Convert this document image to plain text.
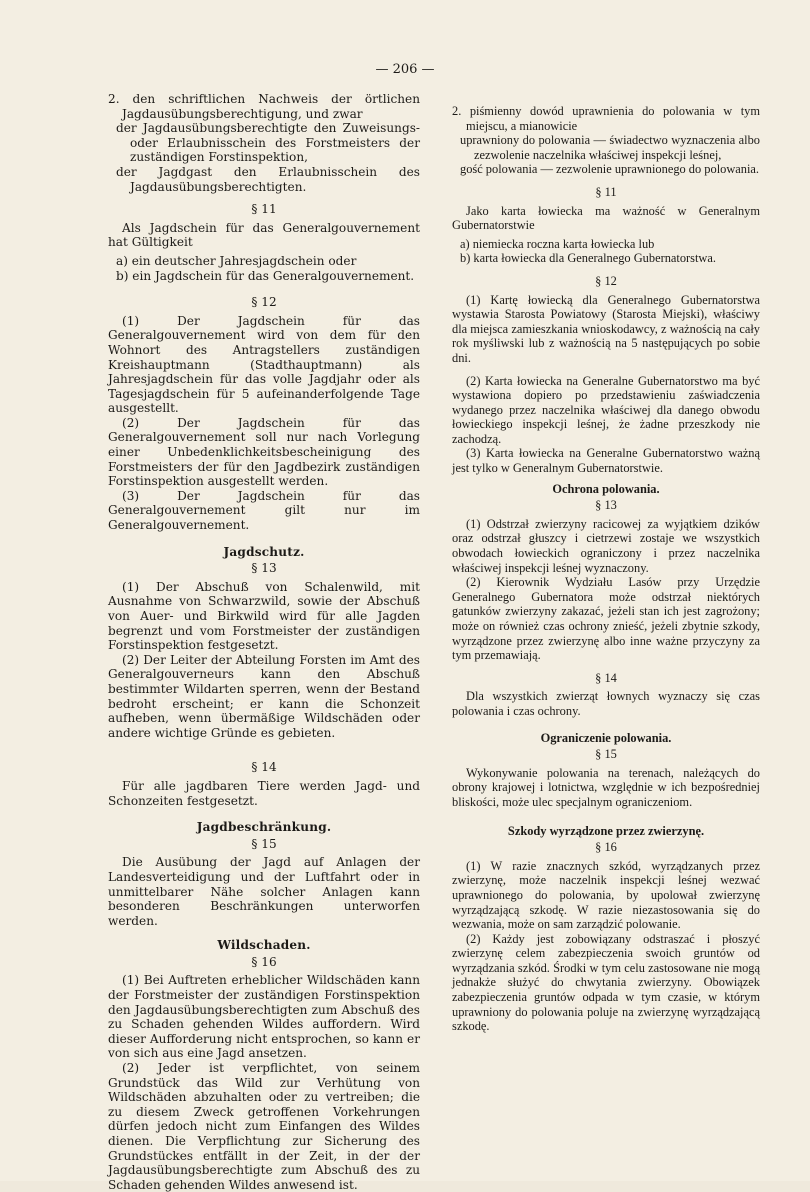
— 206 —

2. den schriftlichen Nachweis der örtlichen Jagdausübungsberechtigung, und zwar

der Jagdausübungsberechtigte den Zuweisungs- oder Erlaubnisschein des Forstmeisters der zuständigen Forstinspektion,

der Jagdgast den Erlaubnisschein des Jagdausübungsberechtigten.

§ 11

Als Jagdschein für das Generalgouvernement hat Gültigkeit

a) ein deutscher Jahresjagdschein oder

b) ein Jagdschein für das Generalgouvernement.

§ 12

(1) Der Jagdschein für das Generalgouvernement wird von dem für den Wohnort des Antragstellers zuständigen Kreishauptmann (Stadthauptmann) als Jahresjagdschein für das volle Jagdjahr oder als Tagesjagdschein für 5 aufeinanderfolgende Tage ausgestellt.

(2) Der Jagdschein für das Generalgouvernement soll nur nach Vorlegung einer Unbedenklichkeitsbescheinigung des Forstmeisters der für den Jagdbezirk zuständigen Forstinspektion ausgestellt werden.

(3) Der Jagdschein für das Generalgouvernement gilt nur im Generalgouvernement.

Jagdschutz.
§ 13

(1) Der Abschuß von Schalenwild, mit Ausnahme von Schwarzwild, sowie der Abschuß von Auer- und Birkwild wird für alle Jagden begrenzt und vom Forstmeister der zuständigen Forstinspektion festgesetzt.

(2) Der Leiter der Abteilung Forsten im Amt des Generalgouverneurs kann den Abschuß bestimmter Wildarten sperren, wenn der Bestand bedroht erscheint; er kann die Schonzeit aufheben, wenn übermäßige Wildschäden oder andere wichtige Gründe es gebieten.

§ 14

Für alle jagdbaren Tiere werden Jagd- und Schonzeiten festgesetzt.

Jagdbeschränkung.
§ 15

Die Ausübung der Jagd auf Anlagen der Landesverteidigung und der Luftfahrt oder in unmittelbarer Nähe solcher Anlagen kann besonderen Beschränkungen unterworfen werden.

Wildschaden.
§ 16

(1) Bei Auftreten erheblicher Wildschäden kann der Forstmeister der zuständigen Forstinspektion den Jagdausübungsberechtigten zum Abschuß des zu Schaden gehenden Wildes auffordern. Wird dieser Aufforderung nicht entsprochen, so kann er von sich aus eine Jagd ansetzen.

(2) Jeder ist verpflichtet, von seinem Grundstück das Wild zur Verhütung von Wildschäden abzuhalten oder zu vertreiben; die zu diesem Zweck getroffenen Vorkehrungen dürfen jedoch nicht zum Einfangen des Wildes dienen. Die Verpflichtung zur Sicherung des Grundstückes entfällt in der Zeit, in der der Jagdausübungsberechtigte zum Abschuß des zu Schaden gehenden Wildes anwesend ist.

2. piśmienny dowód uprawnienia do polowania w tym miejscu, a mianowicie

uprawniony do polowania — świadectwo wyznaczenia albo zezwolenie naczelnika właściwej inspekcji leśnej,

gość polowania — zezwolenie uprawnionego do polowania.

§ 11

Jako karta łowiecka ma ważność w Generalnym Gubernatorstwie

a) niemiecka roczna karta łowiecka lub

b) karta łowiecka dla Generalnego Gubernatorstwa.

§ 12

(1) Kartę łowiecką dla Generalnego Gubernatorstwa wystawia Starosta Powiatowy (Starosta Miejski), właściwy dla miejsca zamieszkania wnioskodawcy, z ważnością na cały rok myśliwski lub z ważnością na 5 następujących po sobie dni.

(2) Karta łowiecka na Generalne Gubernatorstwo ma być wystawiona dopiero po przedstawieniu zaświadczenia wydanego przez naczelnika właściwej dla danego obwodu łowieckiego inspekcji leśnej, że żadne przeszkody nie zachodzą.

(3) Karta łowiecka na Generalne Gubernatorstwo ważną jest tylko w Generalnym Gubernatorstwie.

Ochrona polowania.
§ 13

(1) Odstrzał zwierzyny racicowej za wyjątkiem dzików oraz odstrzał głuszcy i cietrzewi zostaje we wszystkich obwodach łowieckich ograniczony i przez naczelnika właściwej inspekcji leśnej wyznaczony.

(2) Kierownik Wydziału Lasów przy Urzędzie Generalnego Gubernatora może odstrzał niektórych gatunków zwierzyny zakazać, jeżeli stan ich jest zagrożony; może on również czas ochrony znieść, jeżeli zbytnie szkody, wyrządzone przez zwierzynę albo inne ważne przyczyny za tym przemawiają.

§ 14

Dla wszystkich zwierząt łownych wyznaczy się czas polowania i czas ochrony.

Ograniczenie polowania.
§ 15

Wykonywanie polowania na terenach, należących do obrony krajowej i lotnictwa, względnie w ich bezpośredniej bliskości, może ulec specjalnym ograniczeniom.

Szkody wyrządzone przez zwierzynę.
§ 16

(1) W razie znacznych szkód, wyrządzanych przez zwierzynę, może naczelnik inspekcji leśnej wezwać uprawnionego do polowania, by upolował zwierzynę wyrządzającą szkodę. W razie niezastosowania się do wezwania, może on sam zarządzić polowanie.

(2) Każdy jest zobowiązany odstraszać i płoszyć zwierzynę celem zabezpieczenia swoich gruntów od wyrządzania szkód. Środki w tym celu zastosowane nie mogą jednakże służyć do chwytania zwierzyny. Obowiązek zabezpieczenia gruntów odpada w tym czasie, w którym uprawniony do polowania poluje na zwierzynę wyrządzającą szkodę.
